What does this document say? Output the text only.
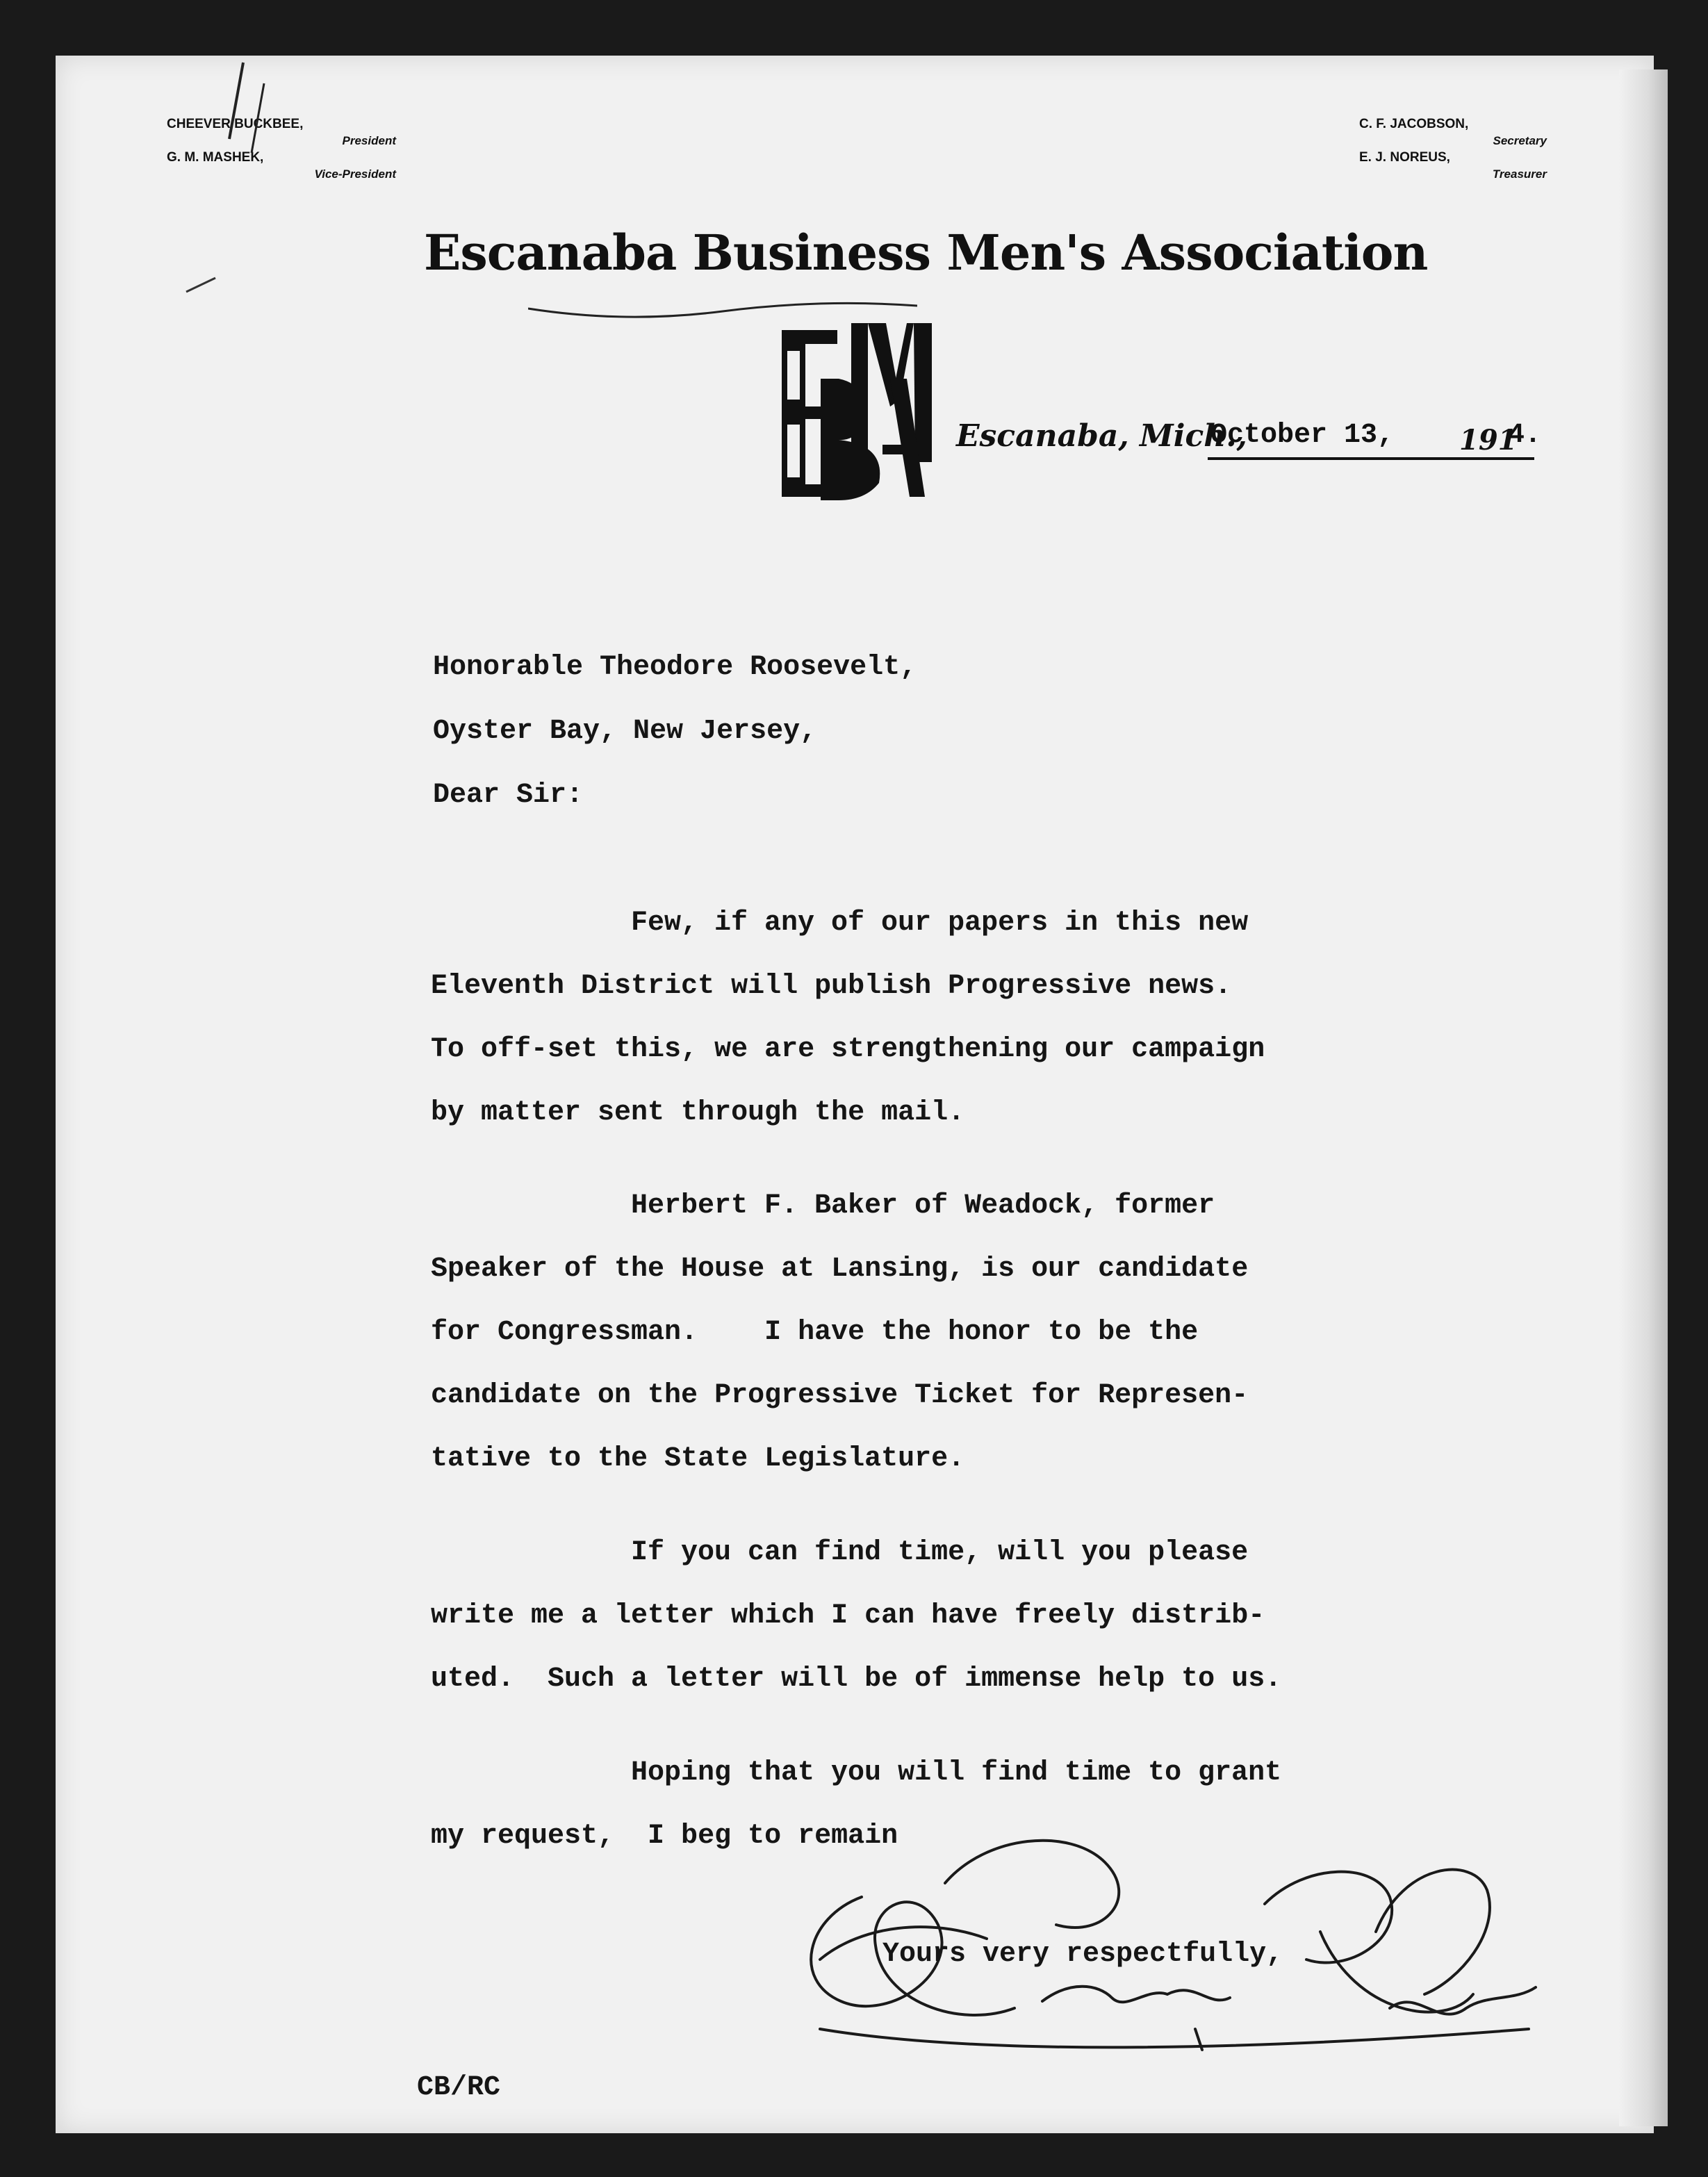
CHEEVER BUCKBEE,
President
G. M. MASHEK,
Vice-President
C. F. JACOBSON,
Secretary
E. J. NOREUS,
Treasurer
Escanaba Business Men's Association
Escanaba, Mich.,
October 13, 191
4.
Honorable Theodore Roosevelt,
Oyster Bay, New Jersey,
Dear Sir:
Few, if any of our papers in this new
Eleventh District will publish Progressive news.
To off-set this, we are strengthening our campaign
by matter sent through the mail.
Herbert F. Baker of Weadock, former
Speaker of the House at Lansing, is our candidate
for Congressman.    I have the honor to be the
candidate on the Progressive Ticket for Represen-
tative to the State Legislature.
If you can find time, will you please
write me a letter which I can have freely distrib-
uted.  Such a letter will be of immense help to us.
Hoping that you will find time to grant
my request,  I beg to remain
Yours very respectfully,
CB/RC
